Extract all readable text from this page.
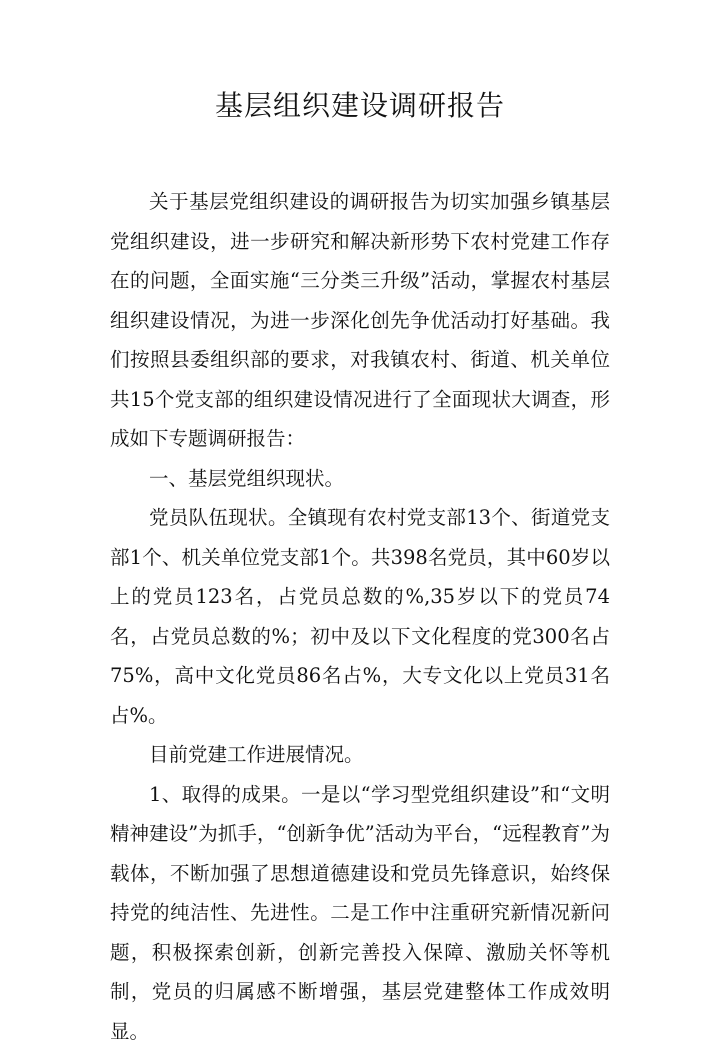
基层组织建设调研报告

关于基层党组织建设的调研报告为切实加强乡镇基层党组织建设，进一步研究和解决新形势下农村党建工作存在的问题，全面实施“三分类三升级”活动，掌握农村基层组织建设情况，为进一步深化创先争优活动打好基础。我们按照县委组织部的要求，对我镇农村、街道、机关单位共15个党支部的组织建设情况进行了全面现状大调查，形成如下专题调研报告：

一、基层党组织现状。

党员队伍现状。全镇现有农村党支部13个、街道党支部1个、机关单位党支部1个。共398名党员，其中60岁以上的党员123名，占党员总数的%,35岁以下的党员74名，占党员总数的%；初中及以下文化程度的党300名占75%，高中文化党员86名占%，大专文化以上党员31名占%。

目前党建工作进展情况。

1、取得的成果。一是以“学习型党组织建设”和“文明精神建设”为抓手，“创新争优”活动为平台，“远程教育”为载体，不断加强了思想道德建设和党员先锋意识，始终保持党的纯洁性、先进性。二是工作中注重研究新情况新问题，积极探索创新，创新完善投入保障、激励关怀等机制，党员的归属感不断增强，基层党建整体工作成效明显。
